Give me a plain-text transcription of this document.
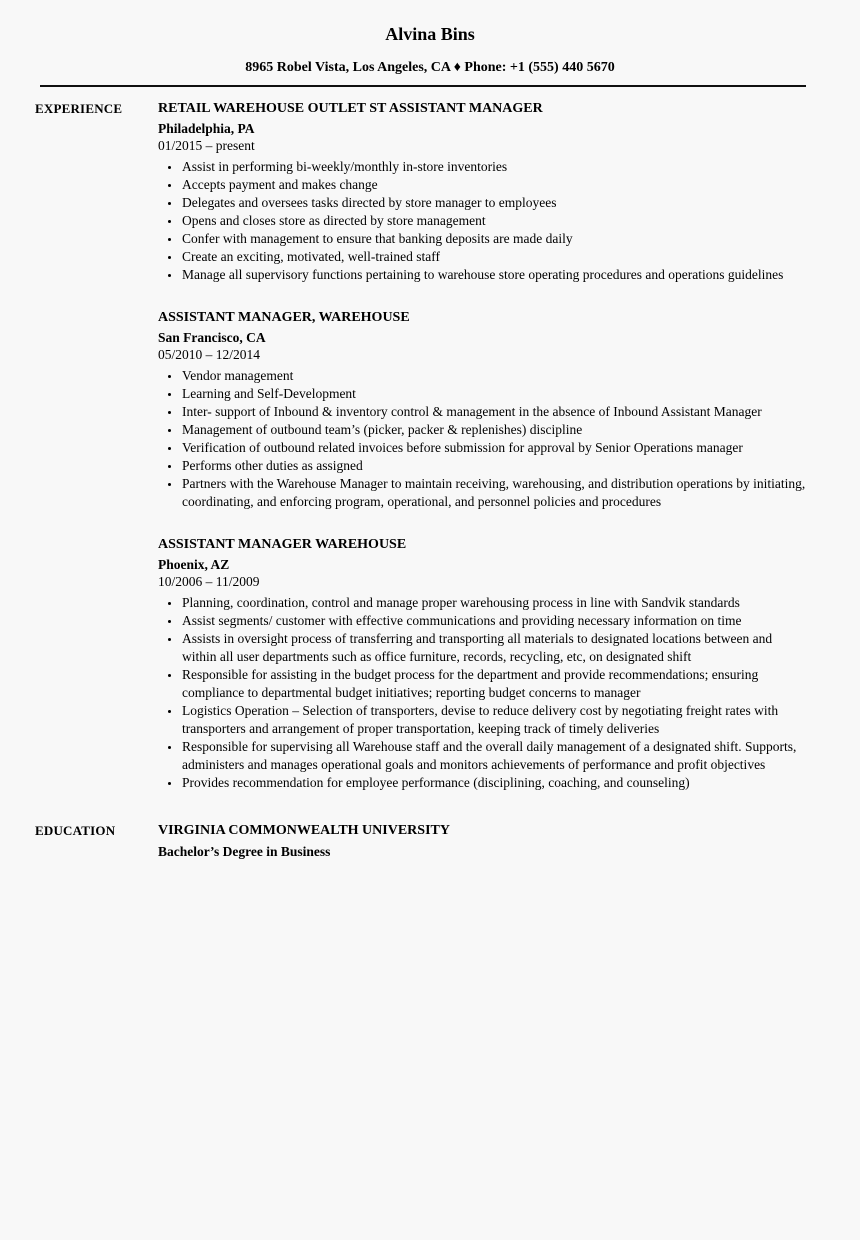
Alvina Bins
8965 Robel Vista, Los Angeles, CA ♦ Phone: +1 (555) 440 5670
EXPERIENCE	RETAIL WAREHOUSE OUTLET ST ASSISTANT MANAGER
Philadelphia, PA
01/2015 – present
• Assist in performing bi-weekly/monthly in-store inventories
• Accepts payment and makes change
• Delegates and oversees tasks directed by store manager to employees
• Opens and closes store as directed by store management
• Confer with management to ensure that banking deposits are made daily
• Create an exciting, motivated, well-trained staff
• Manage all supervisory functions pertaining to warehouse store operating procedures and operations guidelines
ASSISTANT MANAGER, WAREHOUSE
San Francisco, CA
05/2010 – 12/2014
• Vendor management
• Learning and Self-Development
• Inter- support of Inbound & inventory control & management in the absence of Inbound Assistant Manager
• Management of outbound team’s (picker, packer & replenishes) discipline
• Verification of outbound related invoices before submission for approval by Senior Operations manager
• Performs other duties as assigned
• Partners with the Warehouse Manager to maintain receiving, warehousing, and distribution operations by initiating, coordinating, and enforcing program, operational, and personnel policies and procedures
ASSISTANT MANAGER WAREHOUSE
Phoenix, AZ
10/2006 – 11/2009
• Planning, coordination, control and manage proper warehousing process in line with Sandvik standards
• Assist segments/ customer with effective communications and providing necessary information on time
• Assists in oversight process of transferring and transporting all materials to designated locations between and within all user departments such as office furniture, records, recycling, etc, on designated shift
• Responsible for assisting in the budget process for the department and provide recommendations; ensuring compliance to departmental budget initiatives; reporting budget concerns to manager
• Logistics Operation – Selection of transporters, devise to reduce delivery cost by negotiating freight rates with transporters and arrangement of proper transportation, keeping track of timely deliveries
• Responsible for supervising all Warehouse staff and the overall daily management of a designated shift. Supports, administers and manages operational goals and monitors achievements of performance and profit objectives
• Provides recommendation for employee performance (disciplining, coaching, and counseling)
EDUCATION	VIRGINIA COMMONWEALTH UNIVERSITY
Bachelor’s Degree in Business
